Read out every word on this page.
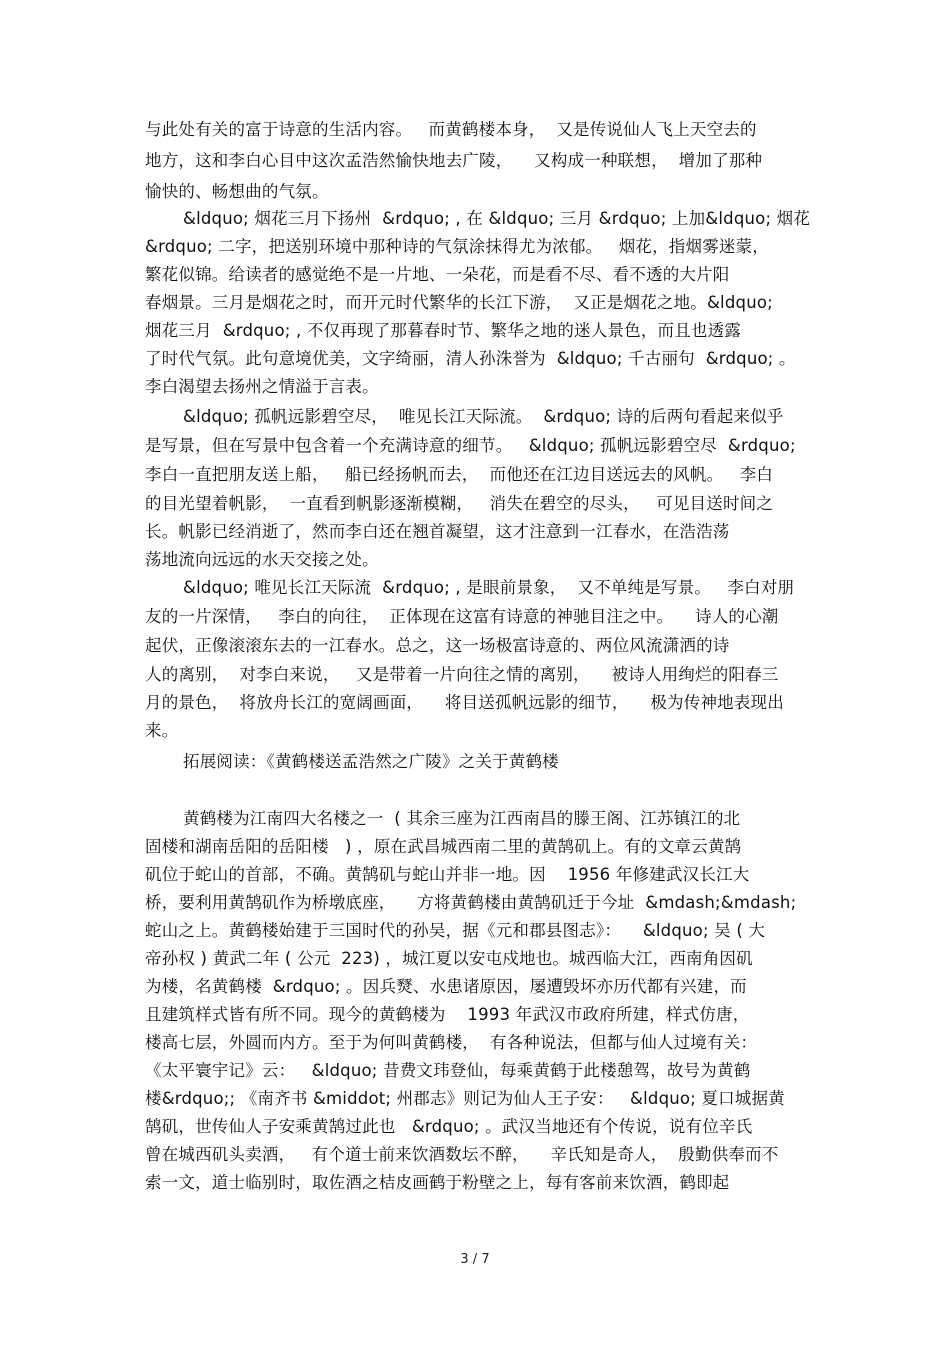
与此处有关的富于诗意的生活内容。   而黄鹤楼本身，  又是传说仙人飞上天空去的
地方，这和李白心目中这次孟浩然愉快地去广陵，    又构成一种联想，  增加了那种
愉快的、畅想曲的气氛。
&ldquo; 烟花三月下扬州  &rdquo; , 在 &ldquo; 三月 &rdquo; 上加&ldquo; 烟花
&rdquo; 二字，把送别环境中那种诗的气氛涂抹得尤为浓郁。   烟花，指烟雾迷蒙，
繁花似锦。给读者的感觉绝不是一片地、一朵花，而是看不尽、看不透的大片阳
春烟景。三月是烟花之时，而开元时代繁华的长江下游，  又正是烟花之地。&ldquo;
烟花三月  &rdquo; , 不仅再现了那暮春时节、繁华之地的迷人景色，而且也透露
了时代气氛。此句意境优美，文字绮丽，清人孙洙誉为  &ldquo; 千古丽句  &rdquo; 。
李白渴望去扬州之情溢于言表。
&ldquo; 孤帆远影碧空尽，  唯见长江天际流。  &rdquo; 诗的后两句看起来似乎
是写景，但在写景中包含着一个充满诗意的细节。   &ldquo; 孤帆远影碧空尽  &rdquo;
李白一直把朋友送上船，   船已经扬帆而去，  而他还在江边目送远去的风帆。   李白
的目光望着帆影，  一直看到帆影逐渐模糊，   消失在碧空的尽头，   可见目送时间之
长。帆影已经消逝了，然而李白还在翘首凝望，这才注意到一江春水，在浩浩荡
荡地流向远远的水天交接之处。
&ldquo; 唯见长江天际流  &rdquo; , 是眼前景象，  又不单纯是写景。   李白对朋
友的一片深情，   李白的向往，  正体现在这富有诗意的神驰目注之中。    诗人的心潮
起伏，正像滚滚东去的一江春水。总之，这一场极富诗意的、两位风流潇洒的诗
人的离别，  对李白来说，   又是带着一片向往之情的离别，    被诗人用绚烂的阳春三
月的景色，  将放舟长江的宽阔画面，    将目送孤帆远影的细节，    极为传神地表现出
来。
拓展阅读：《黄鹤楼送孟浩然之广陵》之关于黄鹤楼
黄鹤楼为江南四大名楼之一  ( 其余三座为江西南昌的滕王阁、江苏镇江的北
固楼和湖南岳阳的岳阳楼   ) ，原在武昌城西南二里的黄鹄矶上。有的文章云黄鹄
矶位于蛇山的首部，不确。黄鹄矶与蛇山并非一地。因    1956 年修建武汉长江大
桥，要利用黄鹄矶作为桥墩底座，    方将黄鹤楼由黄鹄矶迁于今址  &mdash;&mdash;
蛇山之上。黄鹤楼始建于三国时代的孙吴，据《元和郡县图志》：    &ldquo; 吴 ( 大
帝孙权 ) 黄武二年 ( 公元  223) ，城江夏以安屯戍地也。城西临大江，西南角因矶
为楼，名黄鹤楼  &rdquo; 。因兵燹、水患诸原因，屡遭毁坏亦历代都有兴建，而
且建筑样式皆有所不同。现今的黄鹤楼为    1993 年武汉市政府所建，样式仿唐，
楼高七层，外圆而内方。至于为何叫黄鹤楼，  有各种说法，但都与仙人过境有关：
《太平寰宇记》云：   &ldquo; 昔费文玮登仙，每乘黄鹤于此楼憩驾，故号为黄鹤
楼&rdquo;; 《南齐书 &middot; 州郡志》则记为仙人王子安：   &ldquo; 夏口城据黄
鹄矶，世传仙人子安乘黄鹄过此也   &rdquo; 。武汉当地还有个传说，说有位辛氏
曾在城西矶头卖酒，   有个道士前来饮酒数坛不醉，    辛氏知是奇人，  殷勤供奉而不
索一文，道士临别时，取佐酒之桔皮画鹤于粉壁之上，每有客前来饮酒，鹤即起
3 / 7
